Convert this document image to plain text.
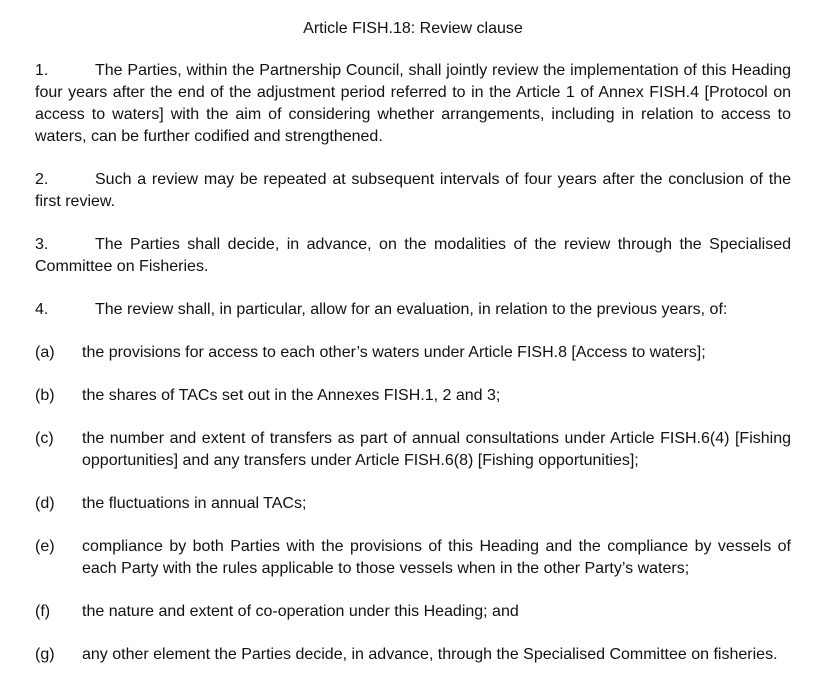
Article FISH.18: Review clause
1.	The Parties, within the Partnership Council, shall jointly review the implementation of this Heading four years after the end of the adjustment period referred to in the Article 1 of Annex FISH.4 [Protocol on access to waters] with the aim of considering whether arrangements, including in relation to access to waters, can be further codified and strengthened.
2.	Such a review may be repeated at subsequent intervals of four years after the conclusion of the first review.
3.	The Parties shall decide, in advance, on the modalities of the review through the Specialised Committee on Fisheries.
4.	The review shall, in particular, allow for an evaluation, in relation to the previous years, of:
(a)	the provisions for access to each other’s waters under Article FISH.8 [Access to waters];
(b)	the shares of TACs set out in the Annexes FISH.1, 2 and 3;
(c)	the number and extent of transfers as part of annual consultations under Article FISH.6(4) [Fishing opportunities] and any transfers under Article FISH.6(8) [Fishing opportunities];
(d)	the fluctuations in annual TACs;
(e)	compliance by both Parties with the provisions of this Heading and the compliance by vessels of each Party with the rules applicable to those vessels when in the other Party’s waters;
(f)	the nature and extent of co-operation under this Heading; and
(g)	any other element the Parties decide, in advance, through the Specialised Committee on fisheries.
